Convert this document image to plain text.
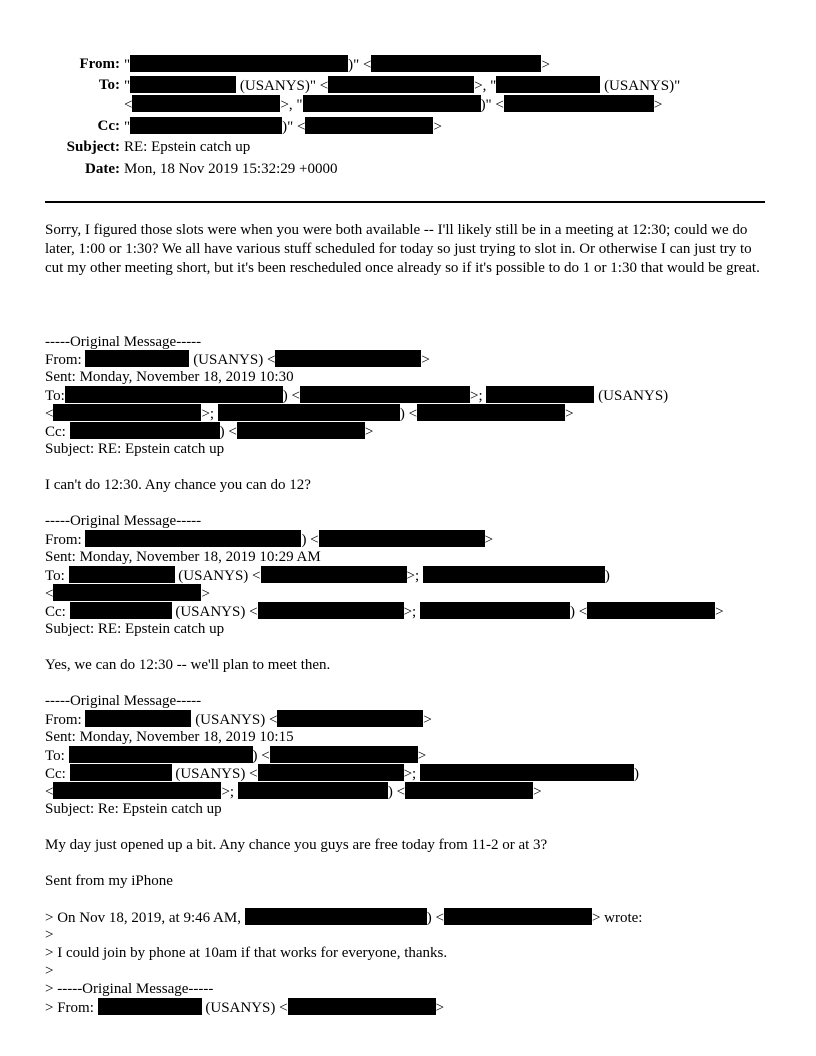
From: "	)" <	>
To: "	(USANYS)" <	>, "	(USANYS)"
<	>, "	)" <	>
Cc: "	)" <	>
Subject: RE: Epstein catch up
Date: Mon, 18 Nov 2019 15:32:29 +0000
Sorry, I figured those slots were when you were both available -- I'll likely still be in a meeting at 12:30; could we do later, 1:00 or 1:30? We all have various stuff scheduled for today so just trying to slot in. Or otherwise I can just try to cut my other meeting short, but it's been rescheduled once already so if it's possible to do 1 or 1:30 that would be great.
-----Original Message-----
From:	(USANYS) <	>
Sent: Monday, November 18, 2019 10:30
To:	) <	>;	(USANYS)
<	>;	) <	>
Cc:	) <	>
Subject: RE: Epstein catch up
I can't do 12:30. Any chance you can do 12?
-----Original Message-----
From:	) <	>
Sent: Monday, November 18, 2019 10:29 AM
To:	(USANYS) <	>;	)
<	>
Cc:	(USANYS) <	>;	) <	>
Subject: RE: Epstein catch up
Yes, we can do 12:30 -- we'll plan to meet then.
-----Original Message-----
From:	(USANYS) <	>
Sent: Monday, November 18, 2019 10:15
To:	) <	>
Cc:	(USANYS) <	>;	)
<	>;	) <	>
Subject: Re: Epstein catch up
My day just opened up a bit. Any chance you guys are free today from 11-2 or at 3?
Sent from my iPhone
> On Nov 18, 2019, at 9:46 AM,	) <	> wrote:
>
> I could join by phone at 10am if that works for everyone, thanks.
>
> -----Original Message-----
> From:	(USANYS) <	>
